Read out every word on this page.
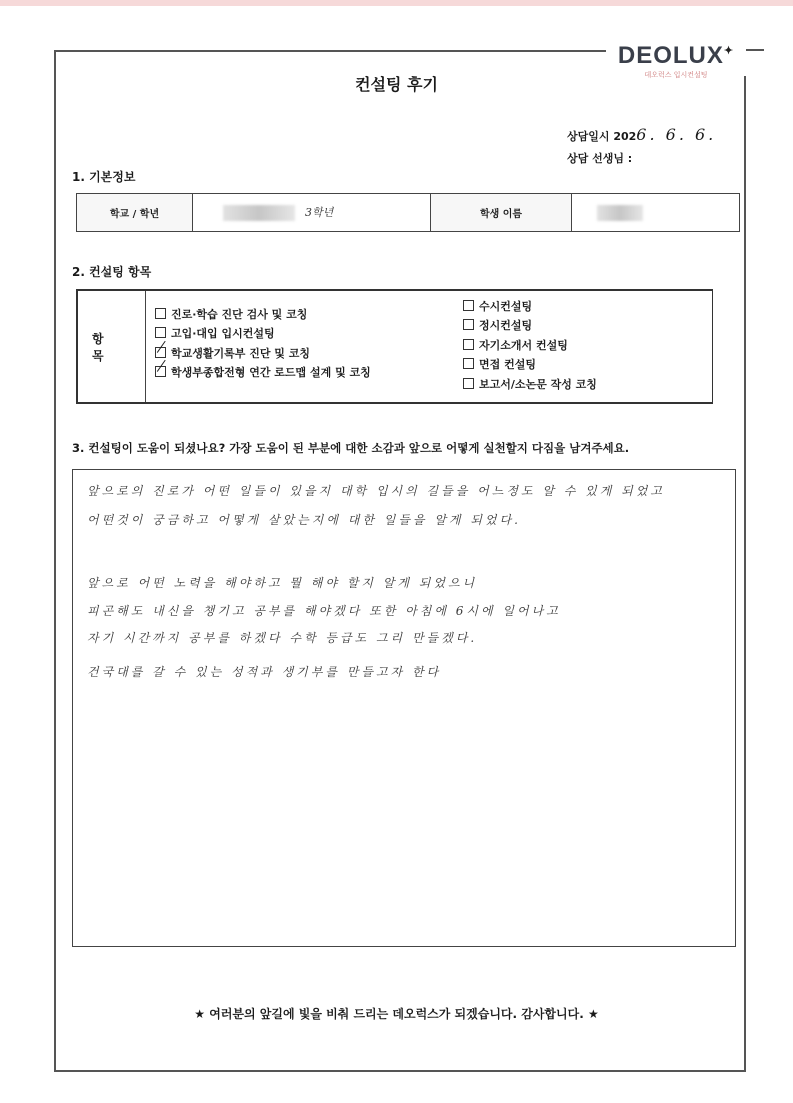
DEOLUX✦
데오럭스 입시컨설팅
컨설팅 후기
상담일시 2026. 6. 6.
상담 선생님 :
1. 기본정보
학교 / 학년	3학년	학생 이름	
2. 컨설팅 항목
항 목
진로·학습 진단 검사 및 코칭
고입·대입 입시컨설팅
학교생활기록부 진단 및 코칭
학생부종합전형 연간 로드맵 설계 및 코칭
수시컨설팅
정시컨설팅
자기소개서 컨설팅
면접 컨설팅
보고서/소논문 작성 코칭
3. 컨설팅이 도움이 되셨나요? 가장 도움이 된 부분에 대한 소감과 앞으로 어떻게 실천할지 다짐을 남겨주세요.
앞으로의 진로가 어떤 일들이 있을지 대학 입시의 길들을 어느정도 알 수 있게 되었고
어떤것이 궁금하고 어떻게 살았는지에 대한 일들을 알게 되었다.
앞으로 어떤 노력을 해야하고 뭘 해야 할지 알게 되었으니
피곤해도 내신을 챙기고 공부를 해야겠다 또한 아침에 6시에 일어나고
자기 시간까지 공부를 하겠다 수학 등급도 그리 만들겠다.
건국대를 갈 수 있는 성적과 생기부를 만들고자 한다
★ 여러분의 앞길에 빛을 비춰 드리는 데오럭스가 되겠습니다. 감사합니다. ★
